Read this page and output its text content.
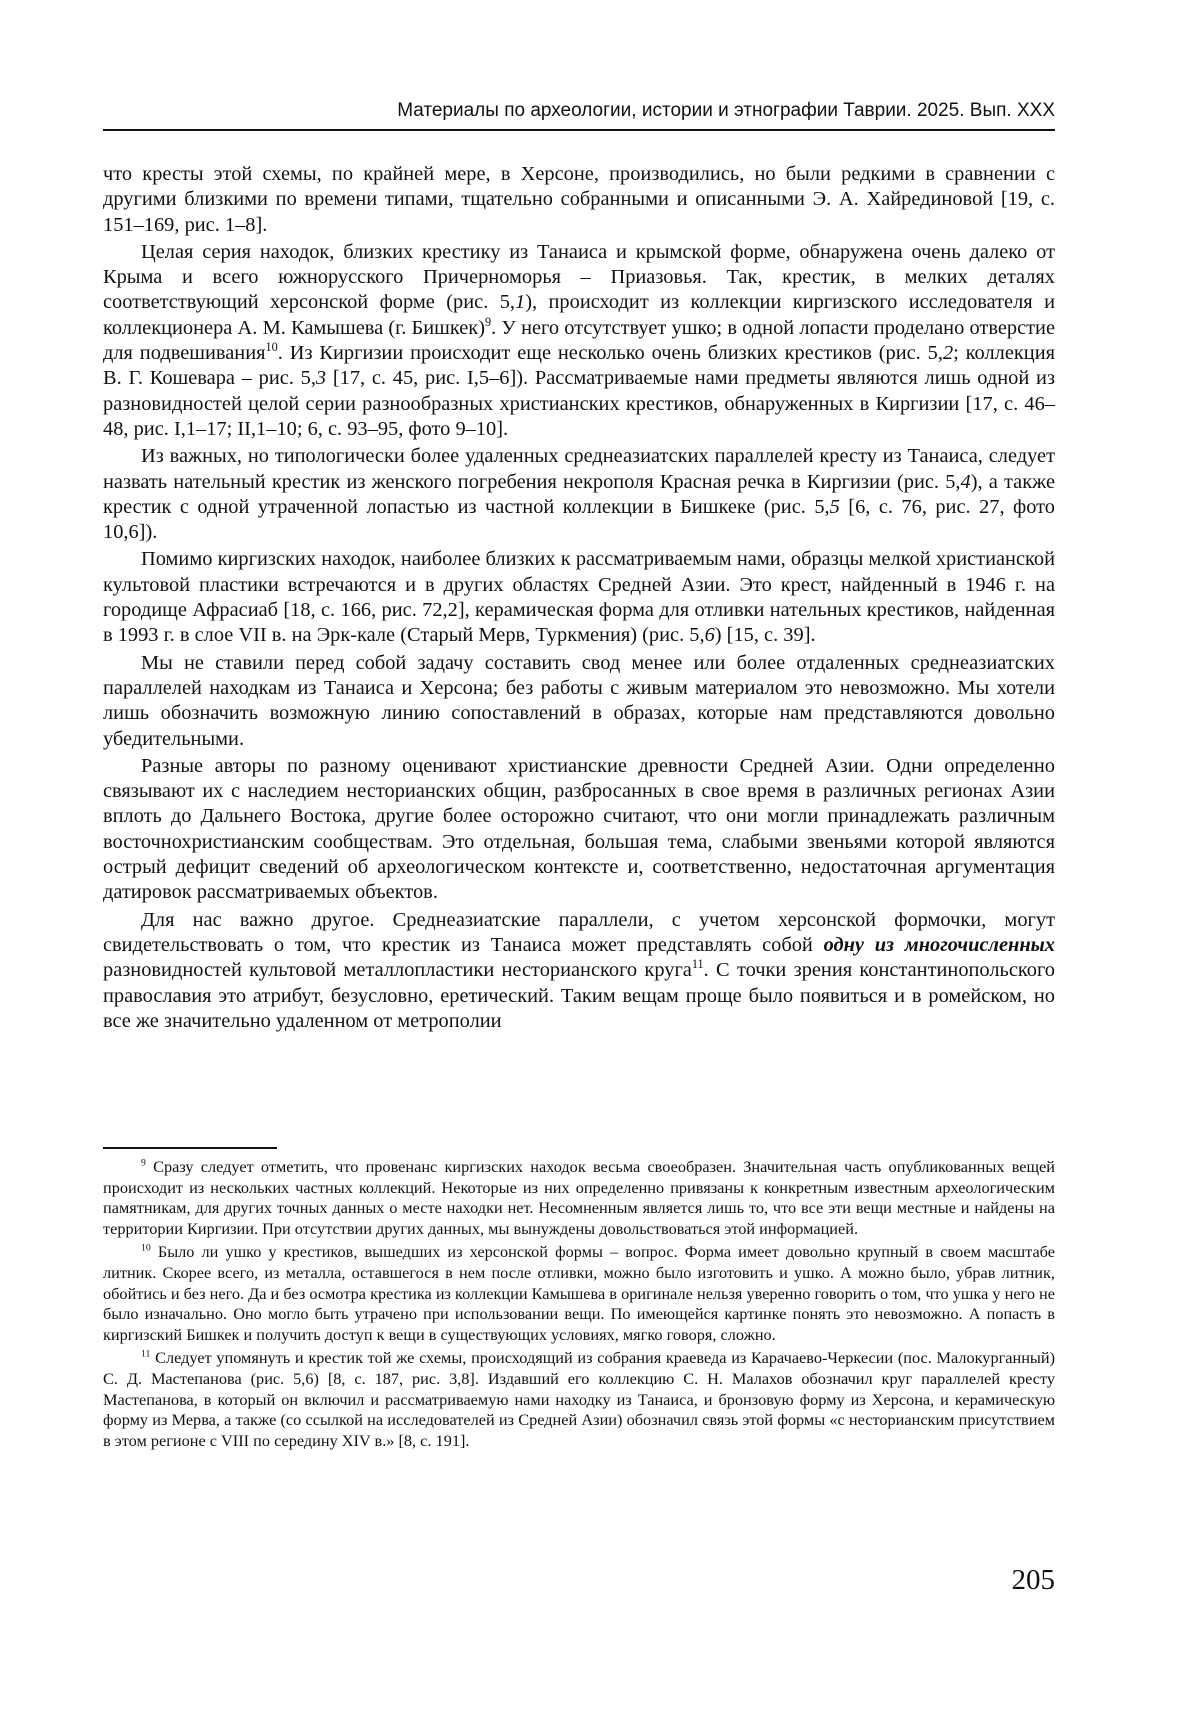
Материалы по археологии, истории и этнографии Таврии. 2025. Вып. XXX

что кресты этой схемы, по крайней мере, в Херсоне, производились, но были редкими в сравнении с другими близкими по времени типами, тщательно собранными и описанными Э. А. Хайрединовой [19, с. 151–169, рис. 1–8].

Целая серия находок, близких крестику из Танаиса и крымской форме, обнаружена очень далеко от Крыма и всего южнорусского Причерноморья – Приазовья. Так, крестик, в мелких деталях соответствующий херсонской форме (рис. 5,1), происходит из коллекции киргизского исследователя и коллекционера А. М. Камышева (г. Бишкек)$^9$. У него отсутствует ушко; в одной лопасти проделано отверстие для подвешивания$^{10}$. Из Киргизии происходит еще несколько очень близких крестиков (рис. 5,2; коллекция В. Г. Кошевара – рис. 5,3 [17, с. 45, рис. I,5–6]). Рассматриваемые нами предметы являются лишь одной из разновидностей целой серии разнообразных христианских крестиков, обнаруженных в Киргизии [17, с. 46–48, рис. I,1–17; II,1–10; 6, с. 93–95, фото 9–10].

Из важных, но типологически более удаленных среднеазиатских параллелей кресту из Танаиса, следует назвать нательный крестик из женского погребения некрополя Красная речка в Киргизии (рис. 5,4), а также крестик с одной утраченной лопастью из частной коллекции в Бишкеке (рис. 5,5 [6, с. 76, рис. 27, фото 10,6]).

Помимо киргизских находок, наиболее близких к рассматриваемым нами, образцы мелкой христианской культовой пластики встречаются и в других областях Средней Азии. Это крест, найденный в 1946 г. на городище Афрасиаб [18, с. 166, рис. 72,2], керамическая форма для отливки нательных крестиков, найденная в 1993 г. в слое VII в. на Эрк-кале (Старый Мерв, Туркмения) (рис. 5,6) [15, с. 39].

Мы не ставили перед собой задачу составить свод менее или более отдаленных среднеазиатских параллелей находкам из Танаиса и Херсона; без работы с живым материалом это невозможно. Мы хотели лишь обозначить возможную линию сопоставлений в образах, которые нам представляются довольно убедительными.

Разные авторы по разному оценивают христианские древности Средней Азии. Одни определенно связывают их с наследием несторианских общин, разбросанных в свое время в различных регионах Азии вплоть до Дальнего Востока, другие более осторожно считают, что они могли принадлежать различным восточнохристианским сообществам. Это отдельная, большая тема, слабыми звеньями которой являются острый дефицит сведений об археологическом контексте и, соответственно, недостаточная аргументация датировок рассматриваемых объектов.

Для нас важно другое. Среднеазиатские параллели, с учетом херсонской формочки, могут свидетельствовать о том, что крестик из Танаиса может представлять собой одну из многочисленных разновидностей культовой металлопластики несторианского круга$^{11}$. С точки зрения константинопольского православия это атрибут, безусловно, еретический. Таким вещам проще было появиться и в ромейском, но все же значительно удаленном от метрополии

$^9$ Сразу следует отметить, что провенанс киргизских находок весьма своеобразен. Значительная часть опубликованных вещей происходит из нескольких частных коллекций. Некоторые из них определенно привязаны к конкретным известным археологическим памятникам, для других точных данных о месте находки нет. Несомненным является лишь то, что все эти вещи местные и найдены на территории Киргизии. При отсутствии других данных, мы вынуждены довольствоваться этой информацией.

$^{10}$ Было ли ушко у крестиков, вышедших из херсонской формы – вопрос. Форма имеет довольно крупный в своем масштабе литник. Скорее всего, из металла, оставшегося в нем после отливки, можно было изготовить и ушко. А можно было, убрав литник, обойтись и без него. Да и без осмотра крестика из коллекции Камышева в оригинале нельзя уверенно говорить о том, что ушка у него не было изначально. Оно могло быть утрачено при использовании вещи. По имеющейся картинке понять это невозможно. А попасть в киргизский Бишкек и получить доступ к вещи в существующих условиях, мягко говоря, сложно.

$^{11}$ Следует упомянуть и крестик той же схемы, происходящий из собрания краеведа из Карачаево-Черкесии (пос. Малокурганный) С. Д. Мастепанова (рис. 5,6) [8, с. 187, рис. 3,8]. Издавший его коллекцию С. Н. Малахов обозначил круг параллелей кресту Мастепанова, в который он включил и рассматриваемую нами находку из Танаиса, и бронзовую форму из Херсона, и керамическую форму из Мерва, а также (со ссылкой на исследователей из Средней Азии) обозначил связь этой формы «с несторианским присутствием в этом регионе с VIII по середину XIV в.» [8, с. 191].

205
